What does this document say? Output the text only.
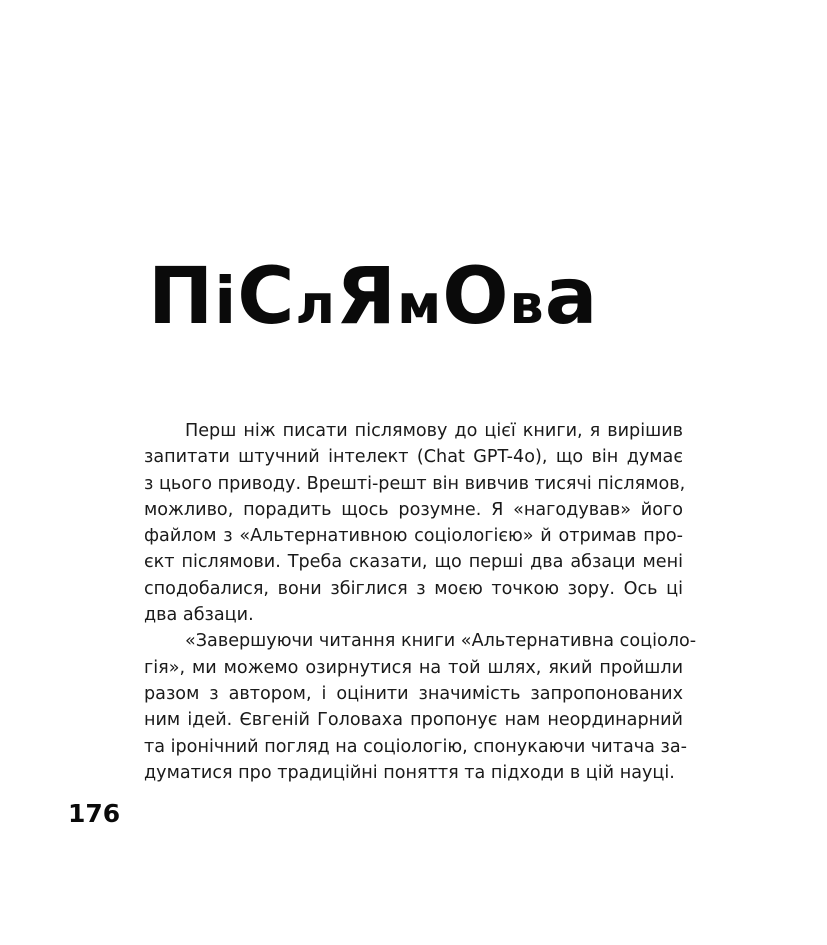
ПіСлЯмОва

Перш ніж писати післямову до цієї книги, я вирішив
запитати штучний інтелект (Chat GPT-4o), що він думає
з цього приводу. Врешті-решт він вивчив тисячі післямов,
можливо, порадить щось розумне. Я «нагодував» його
файлом з «Альтернативною соціологією» й отримав про-
єкт післямови. Треба сказати, що перші два абзаци мені
сподобалися, вони збіглися з моєю точкою зору. Ось ці
два абзаци.

«Завершуючи читання книги «Альтернативна соціоло-
гія», ми можемо озирнутися на той шлях, який пройшли
разом з автором, і оцінити значимість запропонованих
ним ідей. Євгеній Головаха пропонує нам неординарний
та іронічний погляд на соціологію, спонукаючи читача за-
думатися про традиційні поняття та підходи в цій науці.

176
